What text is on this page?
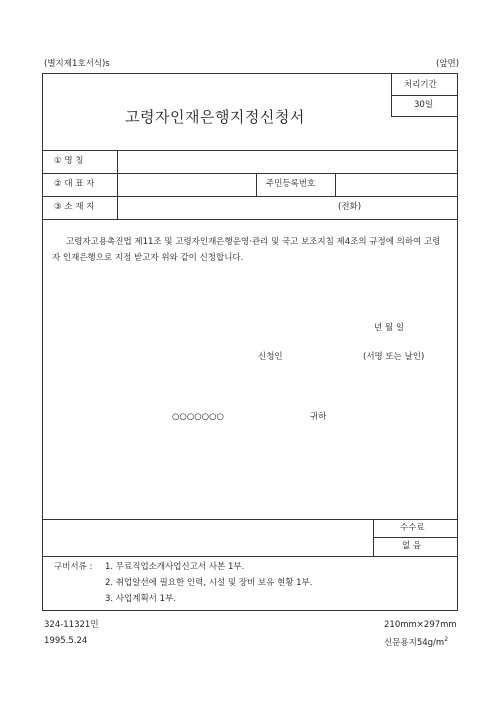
(별지제1호서식)s	(앞면)
처리기간
30일
고령자인재은행지정신청서
① 명 칭
② 대 표 자	주민등록번호
③ 소 재 지	(전화)
고령자고용촉진법 제11조 및 고령자인재은행운영·관리 및 국고 보조지침 제4조의 규정에 의하여 고령자 인재은행으로 지정 받고자 위와 같이 신청합니다.
년 월 일
신청인	(서명 또는 날인)
○○○○○○○	귀하
수수료
없 음
구비서류 : 1. 무료직업소개사업신고서 사본 1부.
2. 취업알선에 필요한 인력, 시설 및 장비 보유 현황 1부.
3. 사업계획서 1부.
324-11321민
1995.5.24
210mm×297mm
신문용지$54g/m^2$
